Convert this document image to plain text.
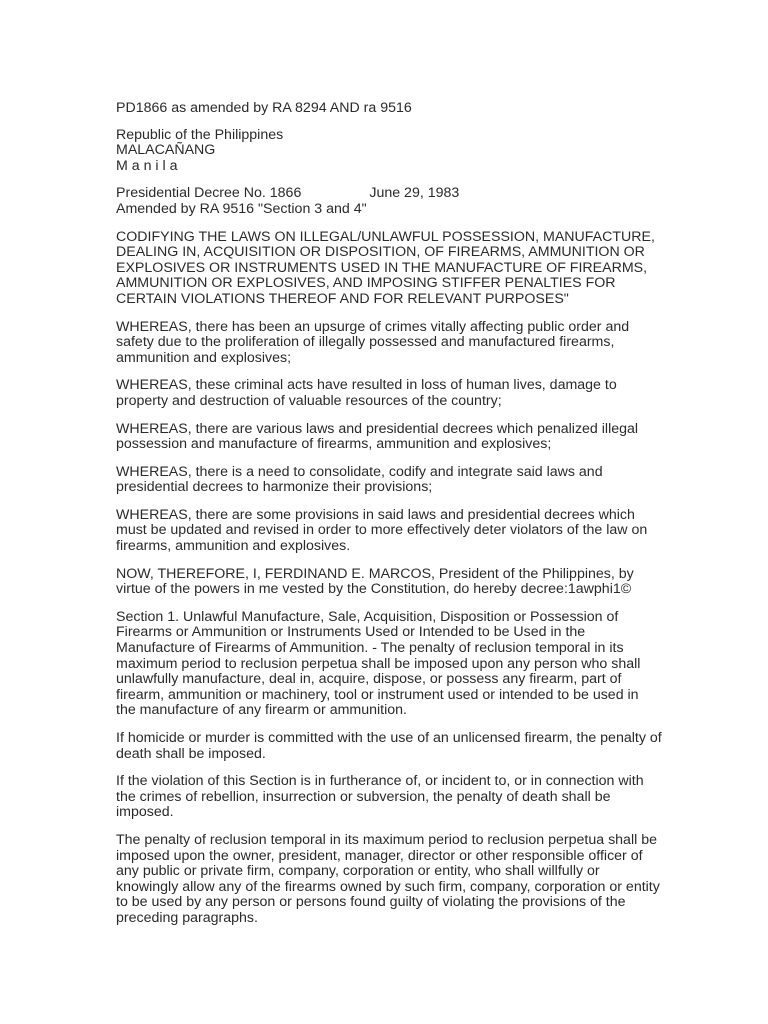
PD1866 as amended by RA 8294 AND ra 9516

Republic of the Philippines
MALACAÑANG
M a n i l a
Presidential Decree No. 1866	June 29, 1983
Amended by RA 9516 "Section 3 and 4"

CODIFYING THE LAWS ON ILLEGAL/UNLAWFUL POSSESSION, MANUFACTURE,
DEALING IN, ACQUISITION OR DISPOSITION, OF FIREARMS, AMMUNITION OR
EXPLOSIVES OR INSTRUMENTS USED IN THE MANUFACTURE OF FIREARMS,
AMMUNITION OR EXPLOSIVES, AND IMPOSING STIFFER PENALTIES FOR
CERTAIN VIOLATIONS THEREOF AND FOR RELEVANT PURPOSES"

WHEREAS, there has been an upsurge of crimes vitally affecting public order and
safety due to the proliferation of illegally possessed and manufactured firearms,
ammunition and explosives;

WHEREAS, these criminal acts have resulted in loss of human lives, damage to
property and destruction of valuable resources of the country;

WHEREAS, there are various laws and presidential decrees which penalized illegal
possession and manufacture of firearms, ammunition and explosives;

WHEREAS, there is a need to consolidate, codify and integrate said laws and
presidential decrees to harmonize their provisions;

WHEREAS, there are some provisions in said laws and presidential decrees which
must be updated and revised in order to more effectively deter violators of the law on
firearms, ammunition and explosives.

NOW, THEREFORE, I, FERDINAND E. MARCOS, President of the Philippines, by
virtue of the powers in me vested by the Constitution, do hereby decree:1awphi1©

Section 1. Unlawful Manufacture, Sale, Acquisition, Disposition or Possession of
Firearms or Ammunition or Instruments Used or Intended to be Used in the
Manufacture of Firearms of Ammunition. - The penalty of reclusion temporal in its
maximum period to reclusion perpetua shall be imposed upon any person who shall
unlawfully manufacture, deal in, acquire, dispose, or possess any firearm, part of
firearm, ammunition or machinery, tool or instrument used or intended to be used in
the manufacture of any firearm or ammunition.

If homicide or murder is committed with the use of an unlicensed firearm, the penalty of
death shall be imposed.

If the violation of this Section is in furtherance of, or incident to, or in connection with
the crimes of rebellion, insurrection or subversion, the penalty of death shall be
imposed.

The penalty of reclusion temporal in its maximum period to reclusion perpetua shall be
imposed upon the owner, president, manager, director or other responsible officer of
any public or private firm, company, corporation or entity, who shall willfully or
knowingly allow any of the firearms owned by such firm, company, corporation or entity
to be used by any person or persons found guilty of violating the provisions of the
preceding paragraphs.
